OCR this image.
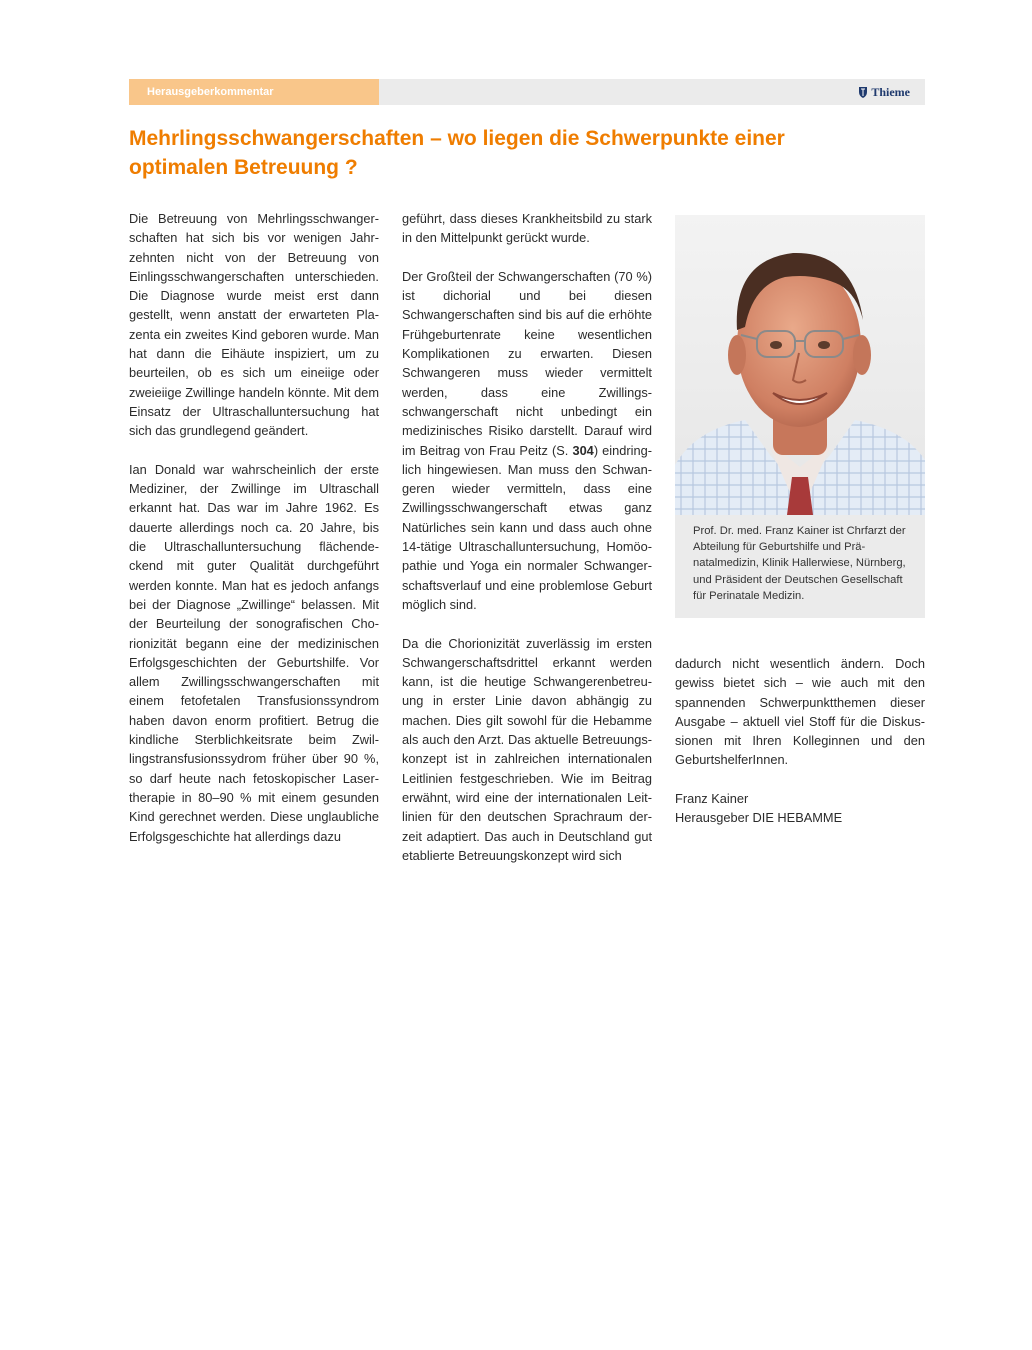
Herausgeberkommentar	Thieme
Mehrlingsschwangerschaften – wo liegen die Schwerpunkte einer optimalen Betreuung ?

Die Betreuung von Mehrlingsschwangerschaften hat sich bis vor wenigen Jahrzehnten nicht von der Betreuung von Einlingsschwangerschaften unterschieden. Die Diagnose wurde meist erst dann gestellt, wenn anstatt der erwarteten Plazenta ein zweites Kind geboren wurde. Man hat dann die Eihäute inspiziert, um zu beurteilen, ob es sich um eineiige oder zweieiige Zwillinge handeln könnte. Mit dem Einsatz der Ultraschalluntersuchung hat sich das grundlegend geändert.

Ian Donald war wahrscheinlich der erste Mediziner, der Zwillinge im Ultraschall erkannt hat. Das war im Jahre 1962. Es dauerte allerdings noch ca. 20 Jahre, bis die Ultraschalluntersuchung flächendeckend mit guter Qualität durchgeführt werden konnte. Man hat es jedoch anfangs bei der Diagnose „Zwillinge“ belassen. Mit der Beurteilung der sonografischen Chorionizität begann eine der medizinischen Erfolgsgeschichten der Geburtshilfe. Vor allem Zwillingsschwangerschaften mit einem fetofetalen Transfusionssyndrom haben davon enorm profitiert. Betrug die kindliche Sterblichkeitsrate beim Zwillingstransfusionssydrom früher über 90 %, so darf heute nach fetoskopischer Lasertherapie in 80–90 % mit einem gesunden Kind gerechnet werden. Diese unglaubliche Erfolgsgeschichte hat allerdings dazu

geführt, dass dieses Krankheitsbild zu stark in den Mittelpunkt gerückt wurde.

Der Großteil der Schwangerschaften (70 %) ist dichorial und bei diesen Schwangerschaften sind bis auf die erhöhte Frühgeburtenrate keine wesentlichen Komplikationen zu erwarten. Diesen Schwangeren muss wieder vermittelt werden, dass eine Zwillingsschwangerschaft nicht unbedingt ein medizinisches Risiko darstellt. Darauf wird im Beitrag von Frau Peitz (S. 304) eindringlich hingewiesen. Man muss den Schwangeren wieder vermitteln, dass eine Zwillingsschwangerschaft etwas ganz Natürliches sein kann und dass auch ohne 14-tätige Ultraschalluntersuchung, Homöopathie und Yoga ein normaler Schwangerschaftsverlauf und eine problemlose Geburt möglich sind.

Da die Chorionizität zuverlässig im ersten Schwangerschaftsdrittel erkannt werden kann, ist die heutige Schwangerenbetreuung in erster Linie davon abhängig zu machen. Dies gilt sowohl für die Hebamme als auch den Arzt. Das aktuelle Betreuungskonzept ist in zahlreichen internationalen Leitlinien festgeschrieben. Wie im Beitrag erwähnt, wird eine der internationalen Leitlinien für den deutschen Sprachraum derzeit adaptiert. Das auch in Deutschland gut etablierte Betreuungskonzept wird sich

Prof. Dr. med. Franz Kainer ist Chrfarzt der Abteilung für Geburtshilfe und Pränatalmedizin, Klinik Hallerwiese, Nürnberg, und Präsident der Deutschen Gesellschaft für Perinatale Medizin.

dadurch nicht wesentlich ändern. Doch gewiss bietet sich – wie auch mit den spannenden Schwerpunktthemen dieser Ausgabe – aktuell viel Stoff für die Diskussionen mit Ihren Kolleginnen und den GeburtshelferInnen.

Franz Kainer
Herausgeber DIE HEBAMME
